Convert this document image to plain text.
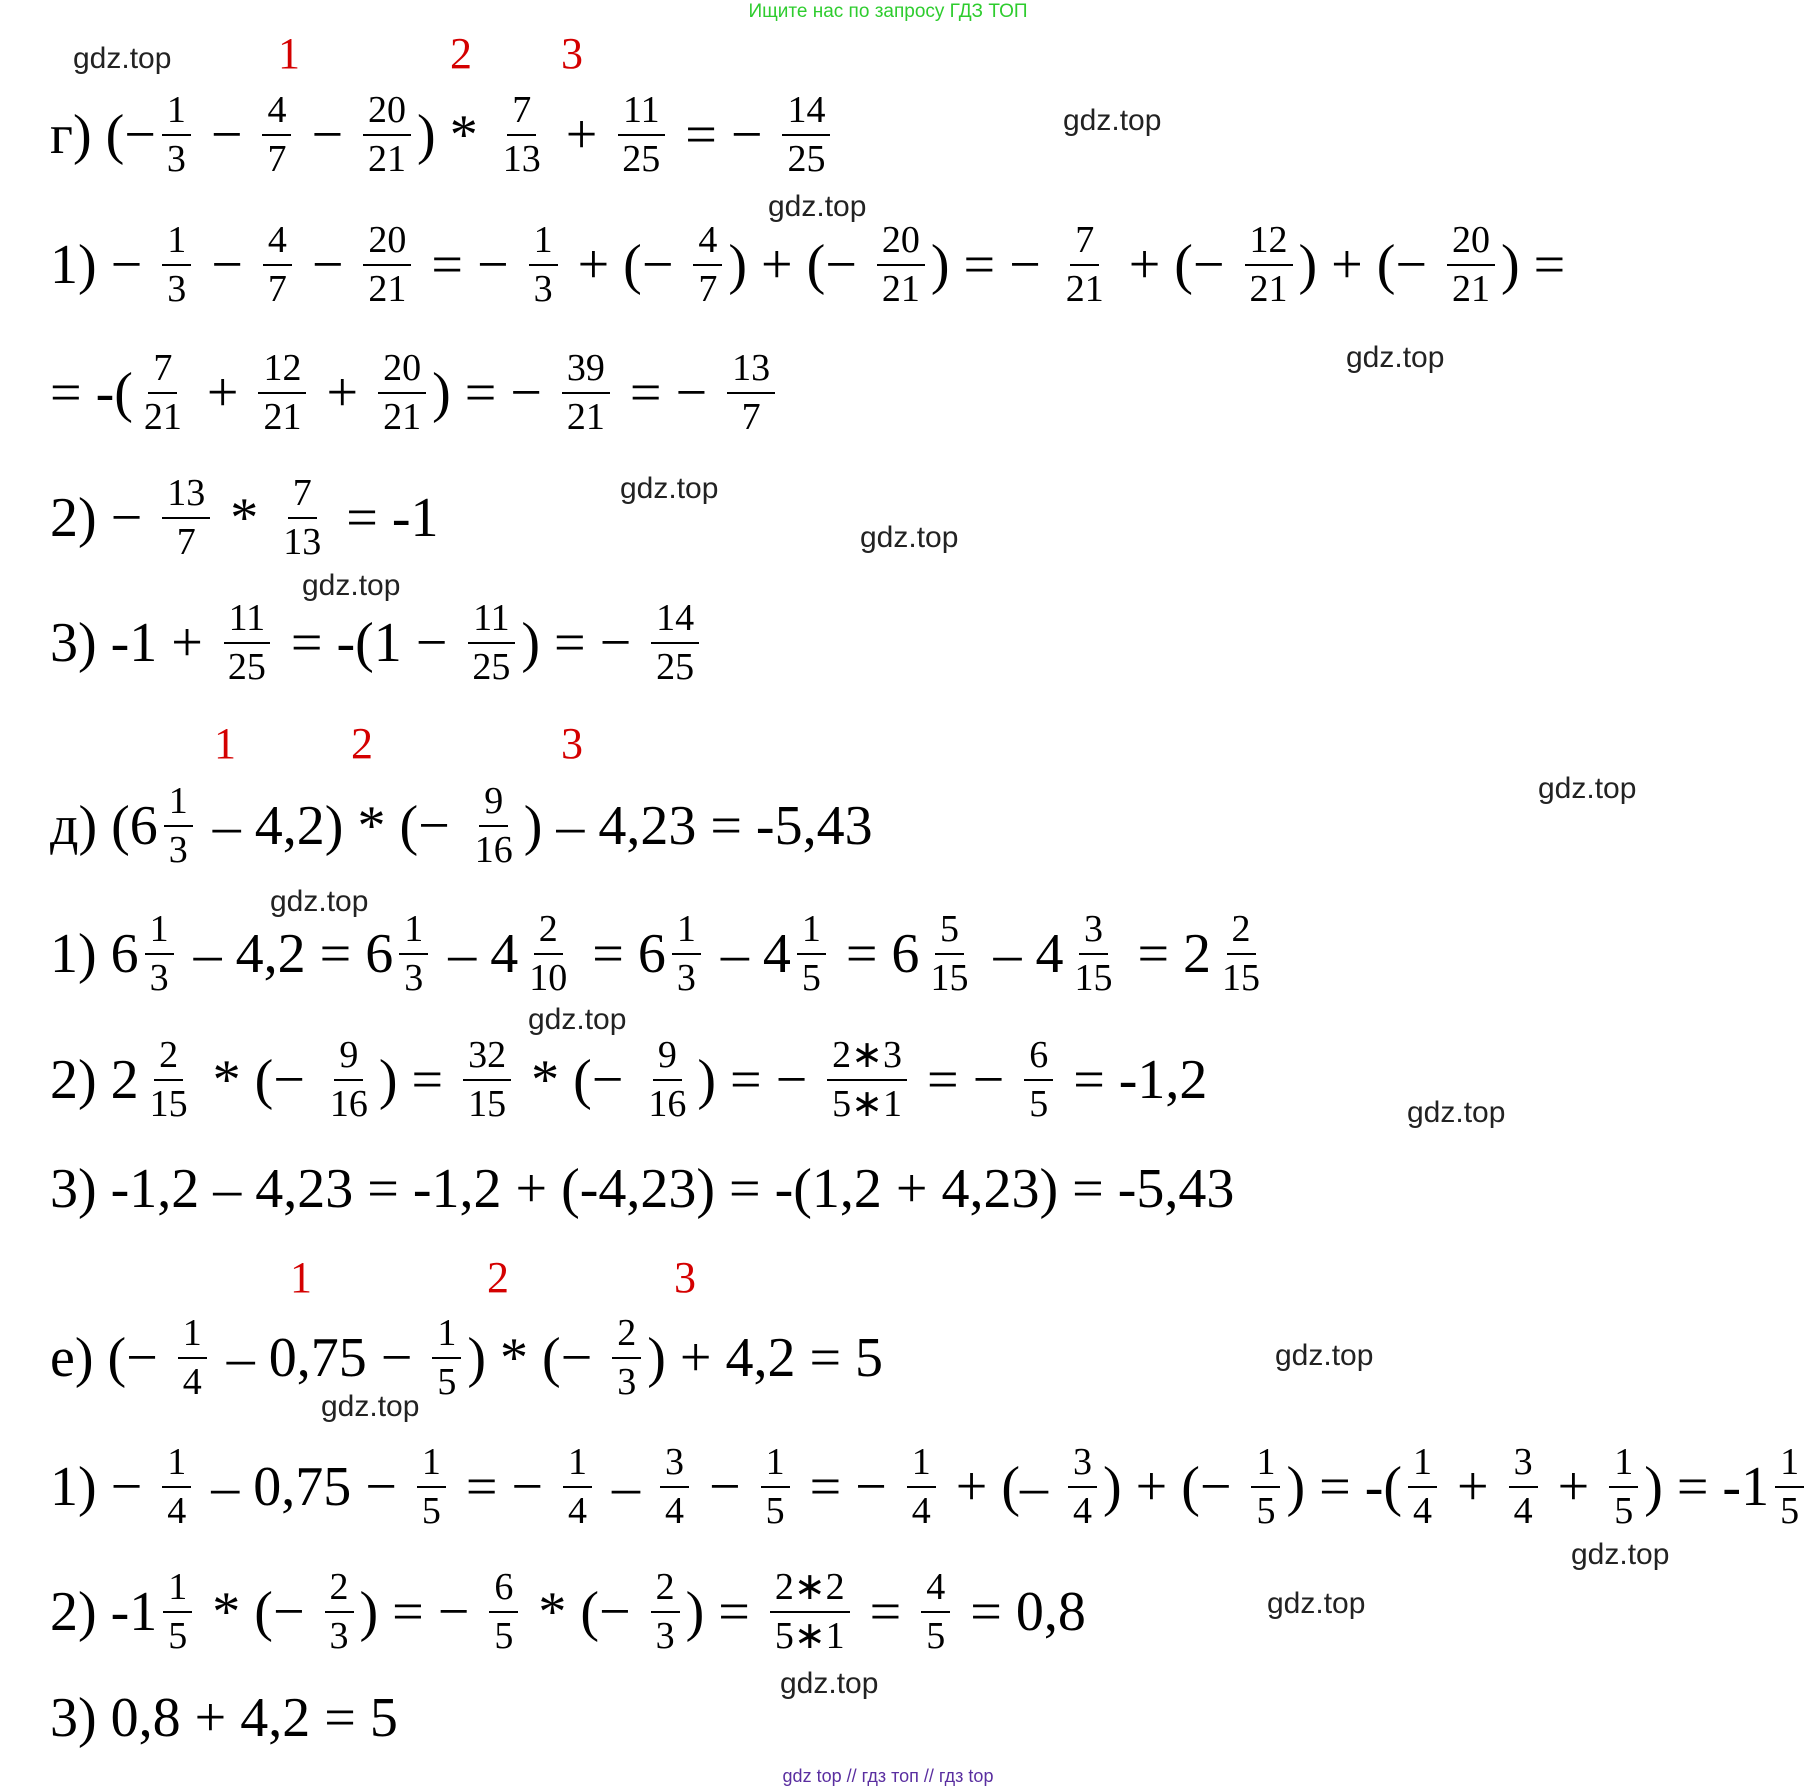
Ищите нас по запросу ГДЗ ТОП
1	2 3
1	2	3
1	2	3
gdz.top
gdz.top
gdz.top
gdz.top
gdz.top
gdz.top
gdz.top
gdz.top
gdz.top
gdz.top
gdz.top
gdz.top
gdz.top
gdz.top
gdz.top
gdz.top
г) (− $\frac{1}{3} - \frac{4}{7} - \frac{20}{21}$ ) * $\frac{7}{13} + \frac{11}{25}$ = − $\frac{14}{25}$
$1) - \frac{1}{3} - \frac{4}{7} - \frac{20}{21}$ = − $\frac{1}{3}$ + (− $\frac{4}{7}$ ) + (− $\frac{20}{21}$ ) = − $\frac{7}{21}$ + (− $\frac{12}{21}$ ) + (− $\frac{20}{21}$ ) =
= -( $\frac{7}{21} + \frac{12}{21} + \frac{20}{21}$ ) = − $\frac{39}{21}$ = − $\frac{13}{7}$
$2) - \frac{13}{7} * \frac{7}{13} = -1$
3) $-1 + \frac{11}{25} = -(1 - \frac{11}{25}$ ) = − $\frac{14}{25}$
д) $(6 \frac{1}{3} - 4,2)$ * (− $\frac{9}{16}$ ) – 4,23 = -5,43
1) $6 \frac{1}{3} - 4,2 = 6 \frac{1}{3} - 4 \frac{2}{10} = 6 \frac{1}{3} - 4 \frac{1}{5} = 6 \frac{5}{15} - 4 \frac{3}{15} = 2 \frac{2}{15}$
2) $2 \frac{2}{15}$ * (− $\frac{9}{16}$ ) = $\frac{32}{15}$ * (− $\frac{9}{16}$ ) = − $\frac{2∗3}{5∗1}$ = − $\frac{6}{5} = -1,2$
3) -1,2 – 4,23 = -1,2 + (-4,23) = -(1,2 + 4,23) = -5,43
е) (− $\frac{1}{4} - 0,75 - \frac{1}{5}$ ) * (− $\frac{2}{3}$ ) + 4,2 = 5
$1) - \frac{1}{4} - 0,75 - \frac{1}{5}$ = − $\frac{1}{4} - \frac{3}{4} - \frac{1}{5}$ = − $\frac{1}{4}$ + (– $\frac{3}{4}$ ) + (− $\frac{1}{5}$ ) = -( $\frac{1}{4} + \frac{3}{4} + \frac{1}{5}$ ) = $-1 \frac{1}{5}$
2) $-1 \frac{1}{5}$ * (− $\frac{2}{3}$ ) = − $\frac{6}{5}$ * (− $\frac{2}{3}$ ) = $\frac{2∗2}{5∗1} = \frac{4}{5} = 0,8$
3) 0,8 + 4,2 = 5
gdz top // гдз топ // гдз top
